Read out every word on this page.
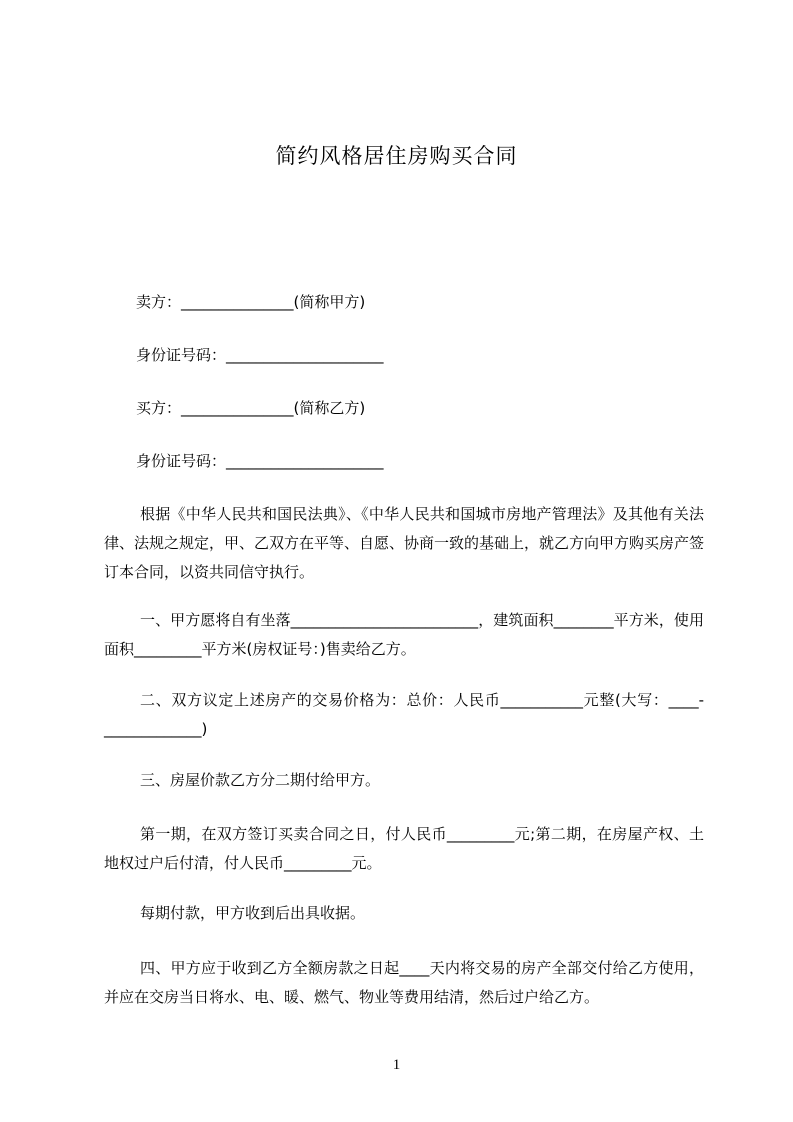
简约风格居住房购买合同
卖方：_______________(简称甲方)
身份证号码：_____________________
买方：_______________(简称乙方)
身份证号码：_____________________
根据《中华人民共和国民法典》、《中华人民共和国城市房地产管理法》及其他有关法律、法规之规定，甲、乙双方在平等、自愿、协商一致的基础上，就乙方向甲方购买房产签订本合同，以资共同信守执行。
一、甲方愿将自有坐落_________________________，建筑面积________平方米，使用面积_________平方米(房权证号：)售卖给乙方。
二、双方议定上述房产的交易价格为：总价：人民币___________元整(大写：____-_____________)
三、房屋价款乙方分二期付给甲方。
第一期，在双方签订买卖合同之日，付人民币_________元;第二期，在房屋产权、土地权过户后付清，付人民币_________元。
每期付款，甲方收到后出具收据。
四、甲方应于收到乙方全额房款之日起____天内将交易的房产全部交付给乙方使用，并应在交房当日将水、电、暖、燃气、物业等费用结清，然后过户给乙方。
1
